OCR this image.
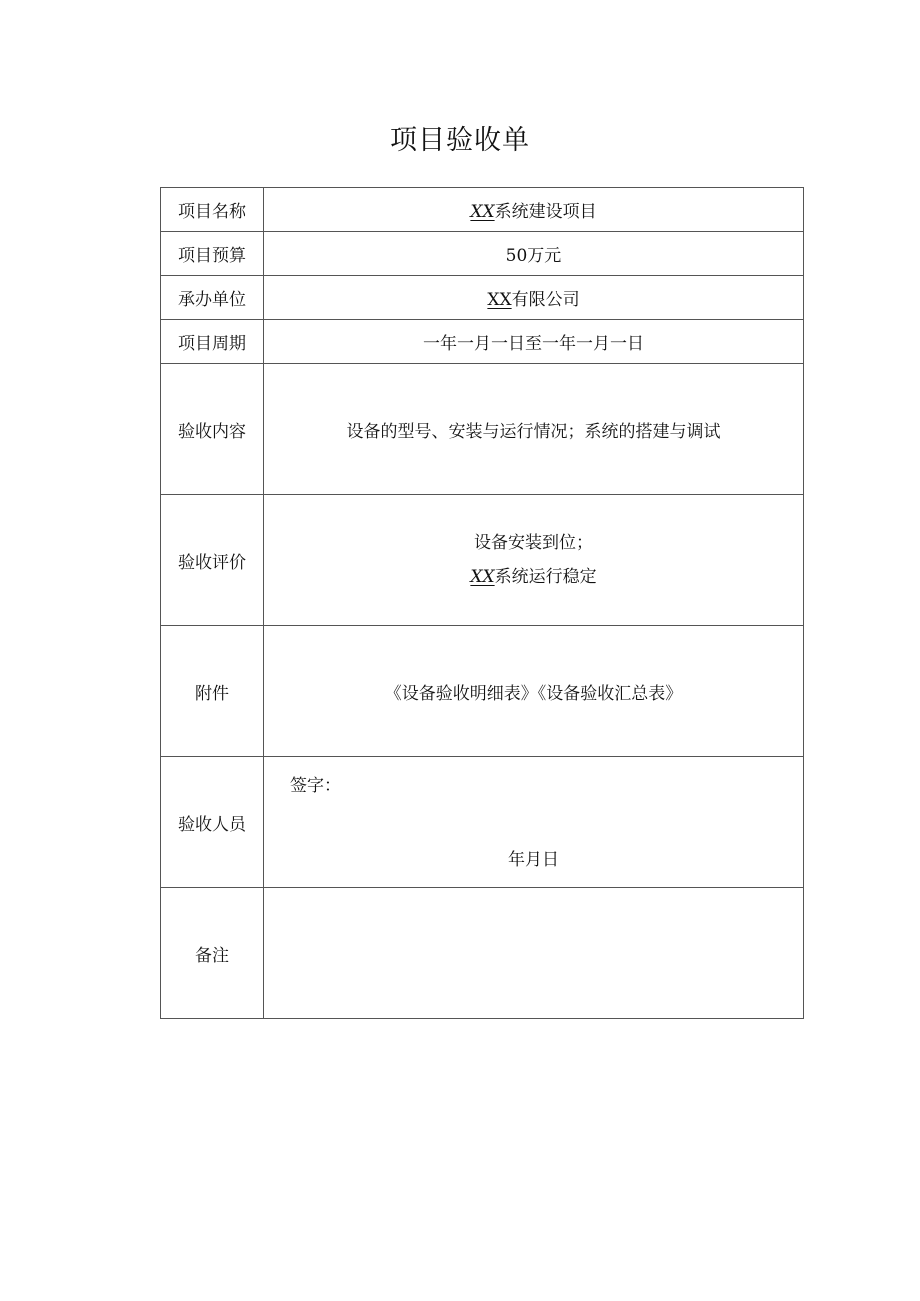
项目验收单
项目名称	XX系统建设项目
项目预算	50万元
承办单位	XX有限公司
项目周期	一年一月一日至一年一月一日
验收内容	设备的型号、安装与运行情况；系统的搭建与调试
验收评价	设备安装到位；
XX系统运行稳定

附件	《设备验收明细表》《设备验收汇总表》
验收人员	签字：
年月日

备注	
